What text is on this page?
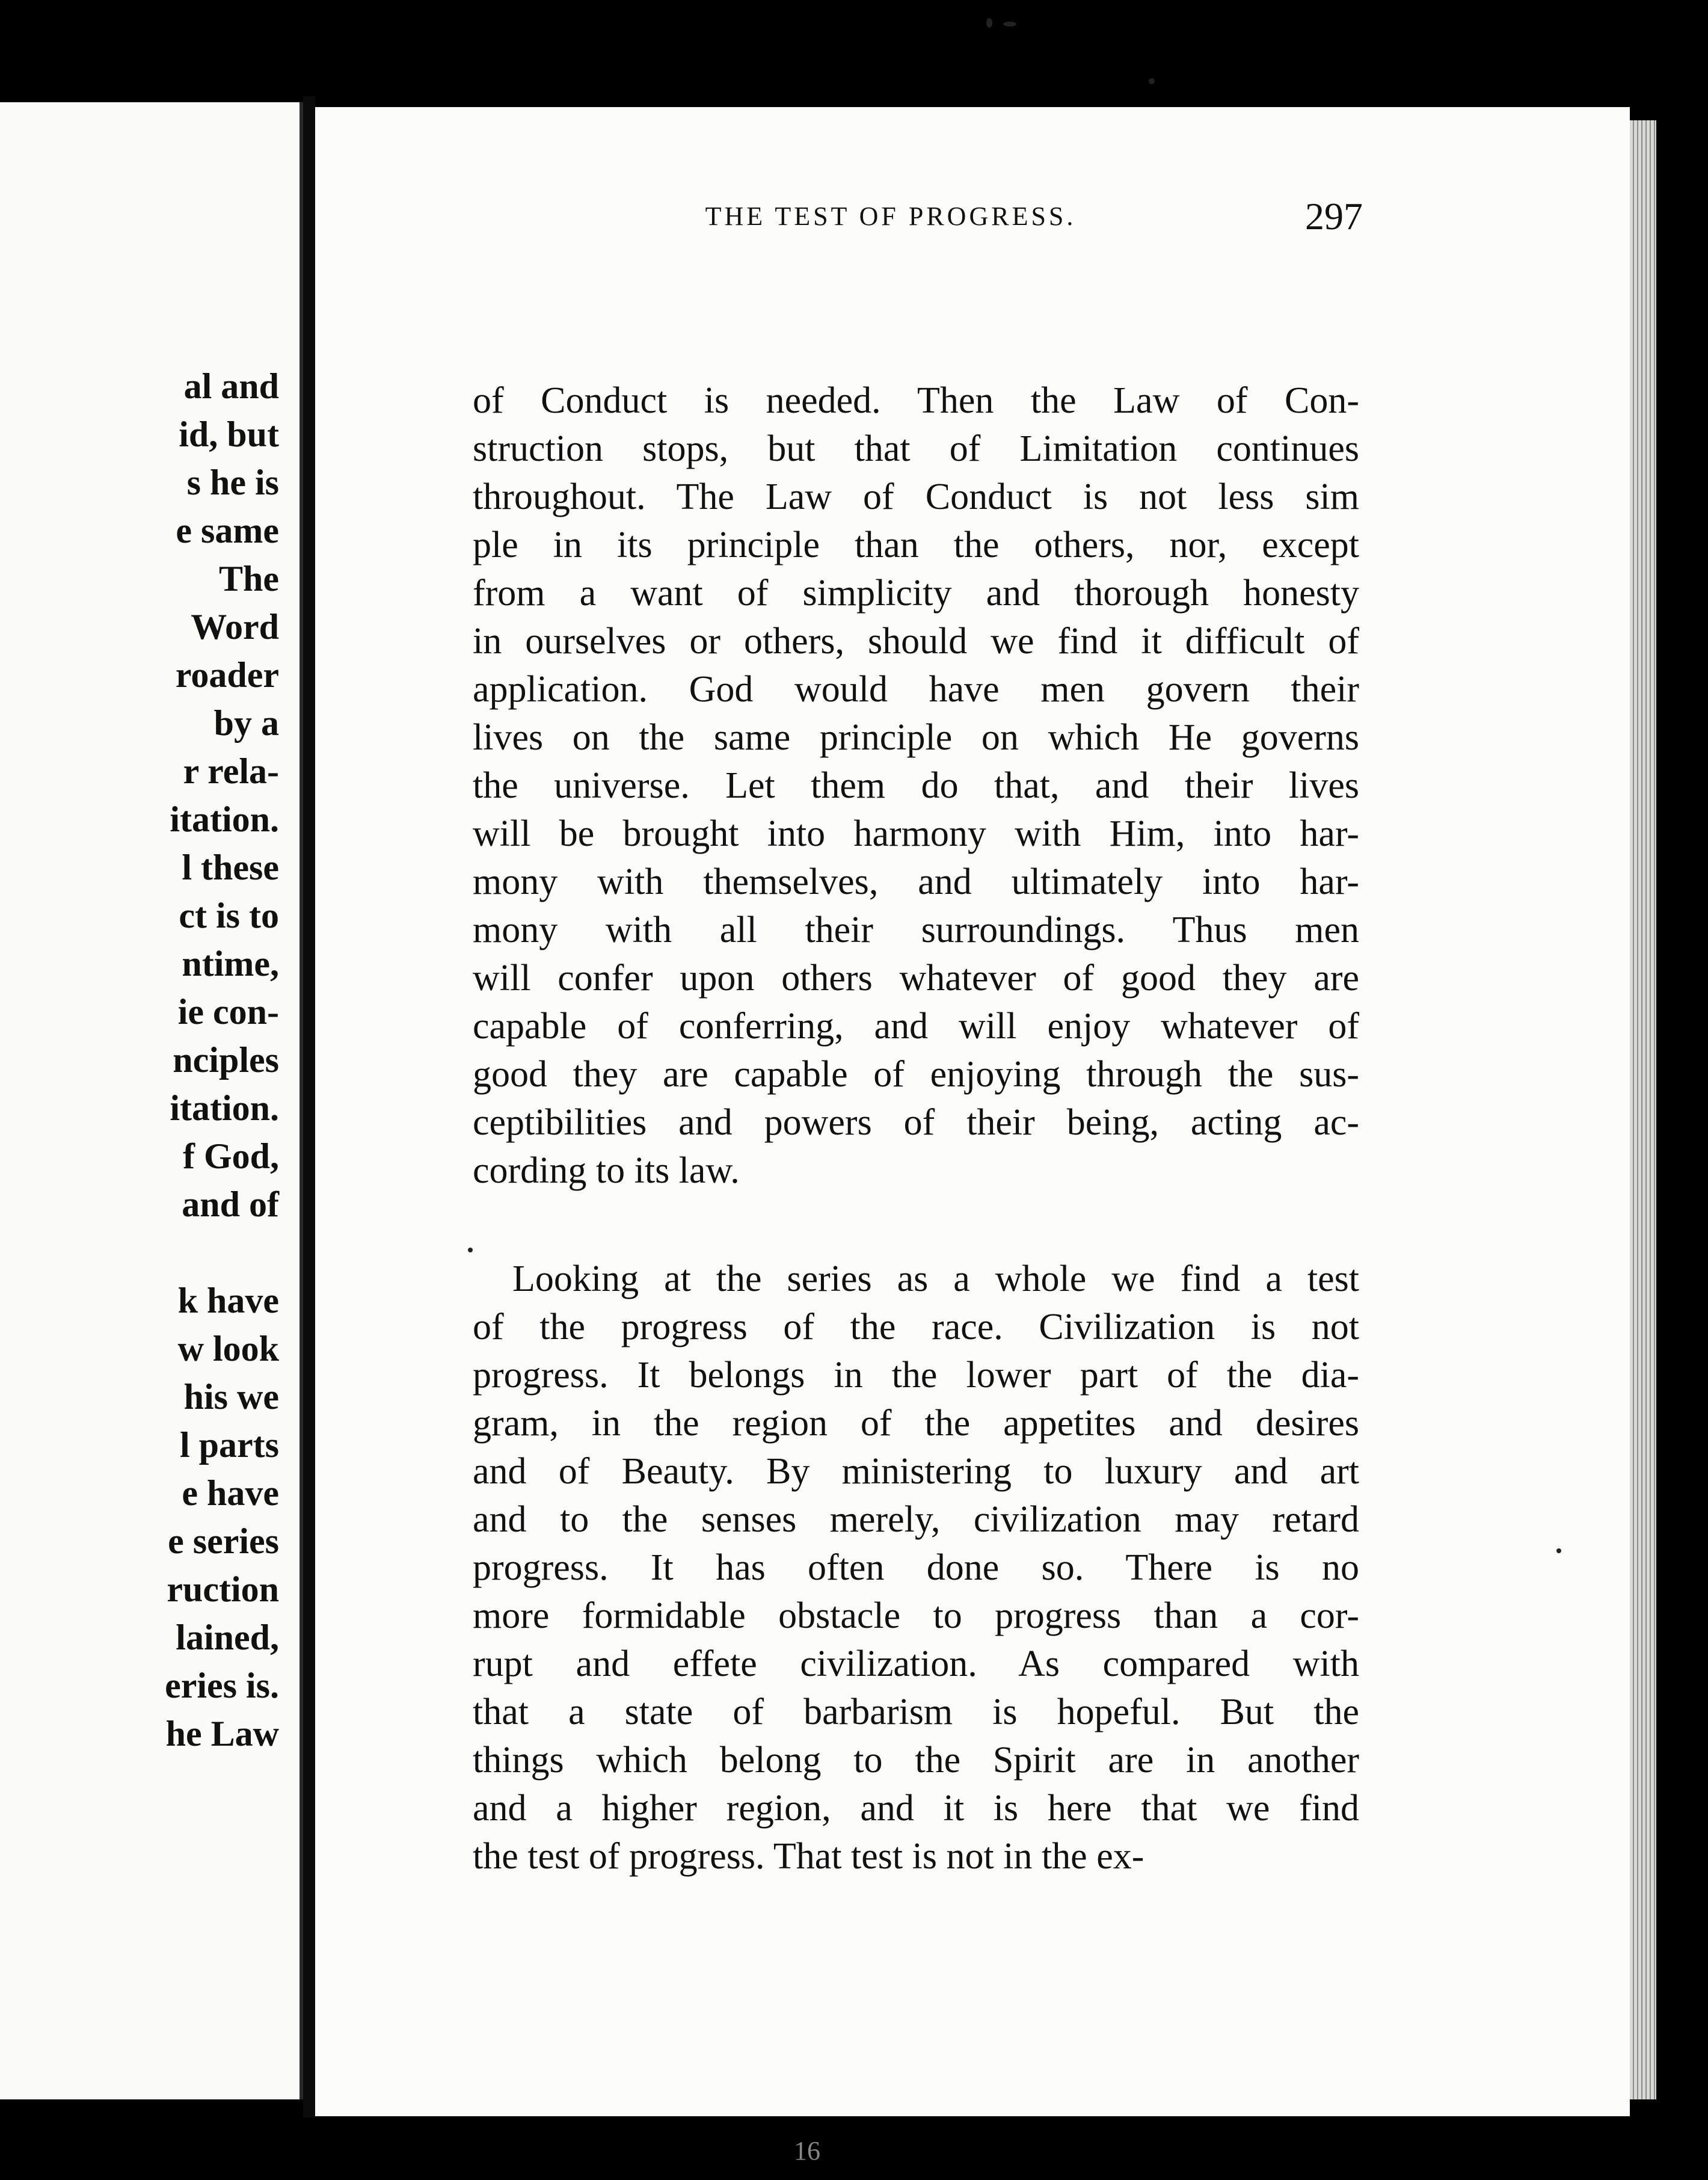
al and
id, but
s he is
e same
The
Word
roader
by a
r rela-
itation.
l these
ct is to
ntime,
ie con-
nciples
itation.
f God,
and of
k have
w look
his we
l parts
e have
e series
ruction
lained,
eries is.
he Law
THE TEST OF PROGRESS.	297
of Conduct is needed. Then the Law of Con-
struction stops, but that of Limitation continues
throughout. The Law of Conduct is not less sim
ple in its principle than the others, nor, except
from a want of simplicity and thorough honesty
in ourselves or others, should we find it difficult of
application. God would have men govern their
lives on the same principle on which He governs
the universe. Let them do that, and their lives
will be brought into harmony with Him, into har-
mony with themselves, and ultimately into har-
mony with all their surroundings. Thus men
will confer upon others whatever of good they are
capable of conferring, and will enjoy whatever of
good they are capable of enjoying through the sus-
ceptibilities and powers of their being, acting ac-
cording to its law.
Looking at the series as a whole we find a test
of the progress of the race. Civilization is not
progress. It belongs in the lower part of the dia-
gram, in the region of the appetites and desires
and of Beauty. By ministering to luxury and art
and to the senses merely, civilization may retard
progress. It has often done so. There is no
more formidable obstacle to progress than a cor-
rupt and effete civilization. As compared with
that a state of barbarism is hopeful. But the
things which belong to the Spirit are in another
and a higher region, and it is here that we find
the test of progress. That test is not in the ex-
16
